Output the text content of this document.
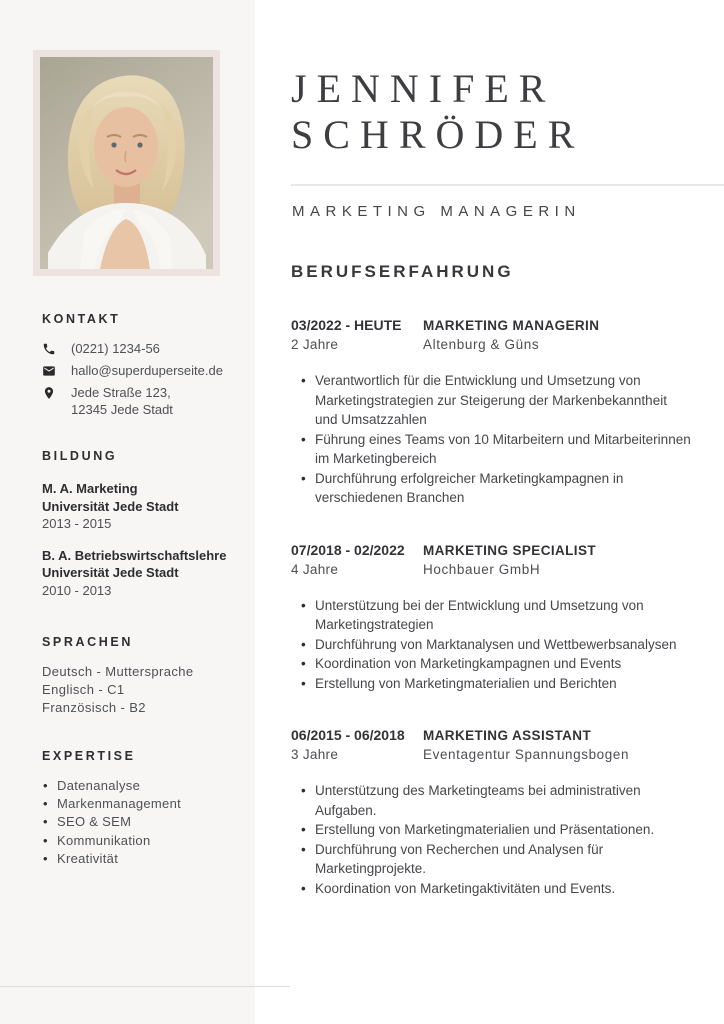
KONTAKT
(0221) 1234-56
hallo@superduperseite.de
Jede Straße 123,
12345 Jede Stadt
BILDUNG
M. A. Marketing
Universität Jede Stadt
2013 - 2015
B. A. Betriebswirtschaftslehre
Universität Jede Stadt
2010 - 2013
SPRACHEN
Deutsch - Muttersprache
Englisch - C1
Französisch - B2
EXPERTISE
• Datenanalyse
• Markenmanagement
• SEO & SEM
• Kommunikation
• Kreativität
JENNIFER
SCHRÖDER
MARKETING MANAGERIN
BERUFSERFAHRUNG
03/2022 - HEUTE
2 Jahre
MARKETING MANAGERIN
Altenburg & Güns
• Verantwortlich für die Entwicklung und Umsetzung von Marketingstrategien zur Steigerung der Markenbekanntheit und Umsatzzahlen
• Führung eines Teams von 10 Mitarbeitern und Mitarbeiterinnen im Marketingbereich
• Durchführung erfolgreicher Marketingkampagnen in verschiedenen Branchen
07/2018 - 02/2022
4 Jahre
MARKETING SPECIALIST
Hochbauer GmbH
• Unterstützung bei der Entwicklung und Umsetzung von Marketingstrategien
• Durchführung von Marktanalysen und Wettbewerbsanalysen
• Koordination von Marketingkampagnen und Events
• Erstellung von Marketingmaterialien und Berichten
06/2015 - 06/2018
3 Jahre
MARKETING ASSISTANT
Eventagentur Spannungsbogen
• Unterstützung des Marketingteams bei administrativen Aufgaben.
• Erstellung von Marketingmaterialien und Präsentationen.
• Durchführung von Recherchen und Analysen für Marketingprojekte.
• Koordination von Marketingaktivitäten und Events.
